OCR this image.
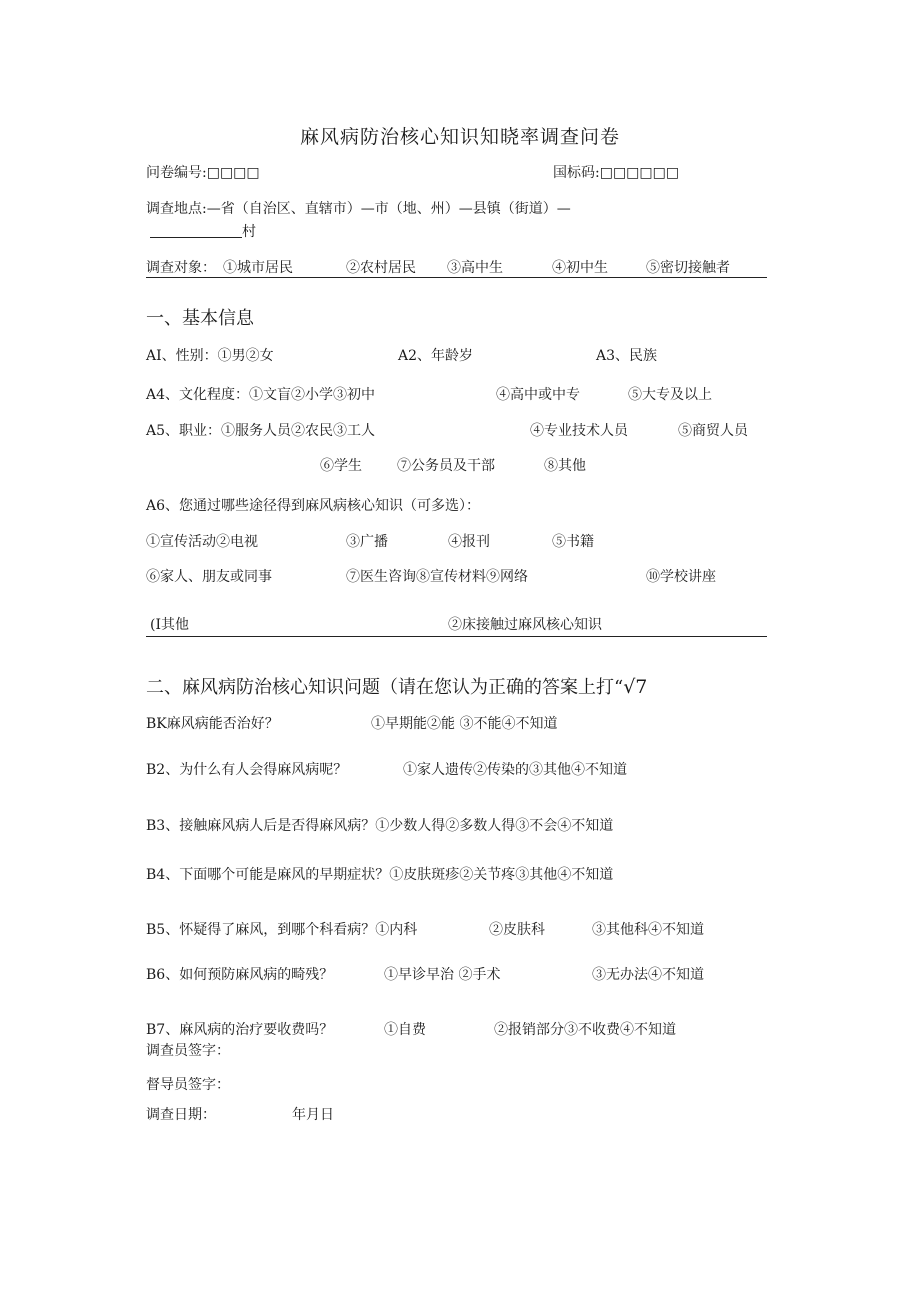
麻风病防治核心知识知晓率调查问卷
问卷编号:□□□□	国标码:□□□□□□
调查地点:—省（自治区、直辖市）—市（地、州）—县镇（街道）—
村
调查对象： ①城市居民	②农村居民 ③高中生	④初中生	⑤密切接触者
一、基本信息
AI、性别：①男②女	A2、年龄岁	A3、民族
A4、文化程度：①文盲②小学③初中	④高中或中专	⑤大专及以上
A5、职业：①服务人员②农民③工人	④专业技术人员	⑤商贸人员
⑥学生	⑦公务员及干部	⑧其他
A6、您通过哪些途径得到麻风病核心知识（可多选）：
①宣传活动②电视	③广播	④报刊	⑤书籍
⑥家人、朋友或同事	⑦医生咨询⑧宣传材料⑨网络	⑩学校讲座
(I其他	②床接触过麻风核心知识
二、麻风病防治核心知识问题（请在您认为正确的答案上打“√7
BK麻风病能否治好？	①早期能②能 ③不能④不知道
B2、为什么有人会得麻风病呢？	①家人遗传②传染的③其他④不知道
B3、接触麻风病人后是否得麻风病？①少数人得②多数人得③不会④不知道
B4、下面哪个可能是麻风的早期症状？①皮肤斑疹②关节疼③其他④不知道
B5、怀疑得了麻风，到哪个科看病？①内科	②皮肤科	③其他科④不知道
B6、如何预防麻风病的畸残？	①早诊早治 ②手术	③无办法④不知道
B7、麻风病的治疗要收费吗？	①自费	②报销部分③不收费④不知道
调查员签字：
督导员签字：
调查日期：	年月日
